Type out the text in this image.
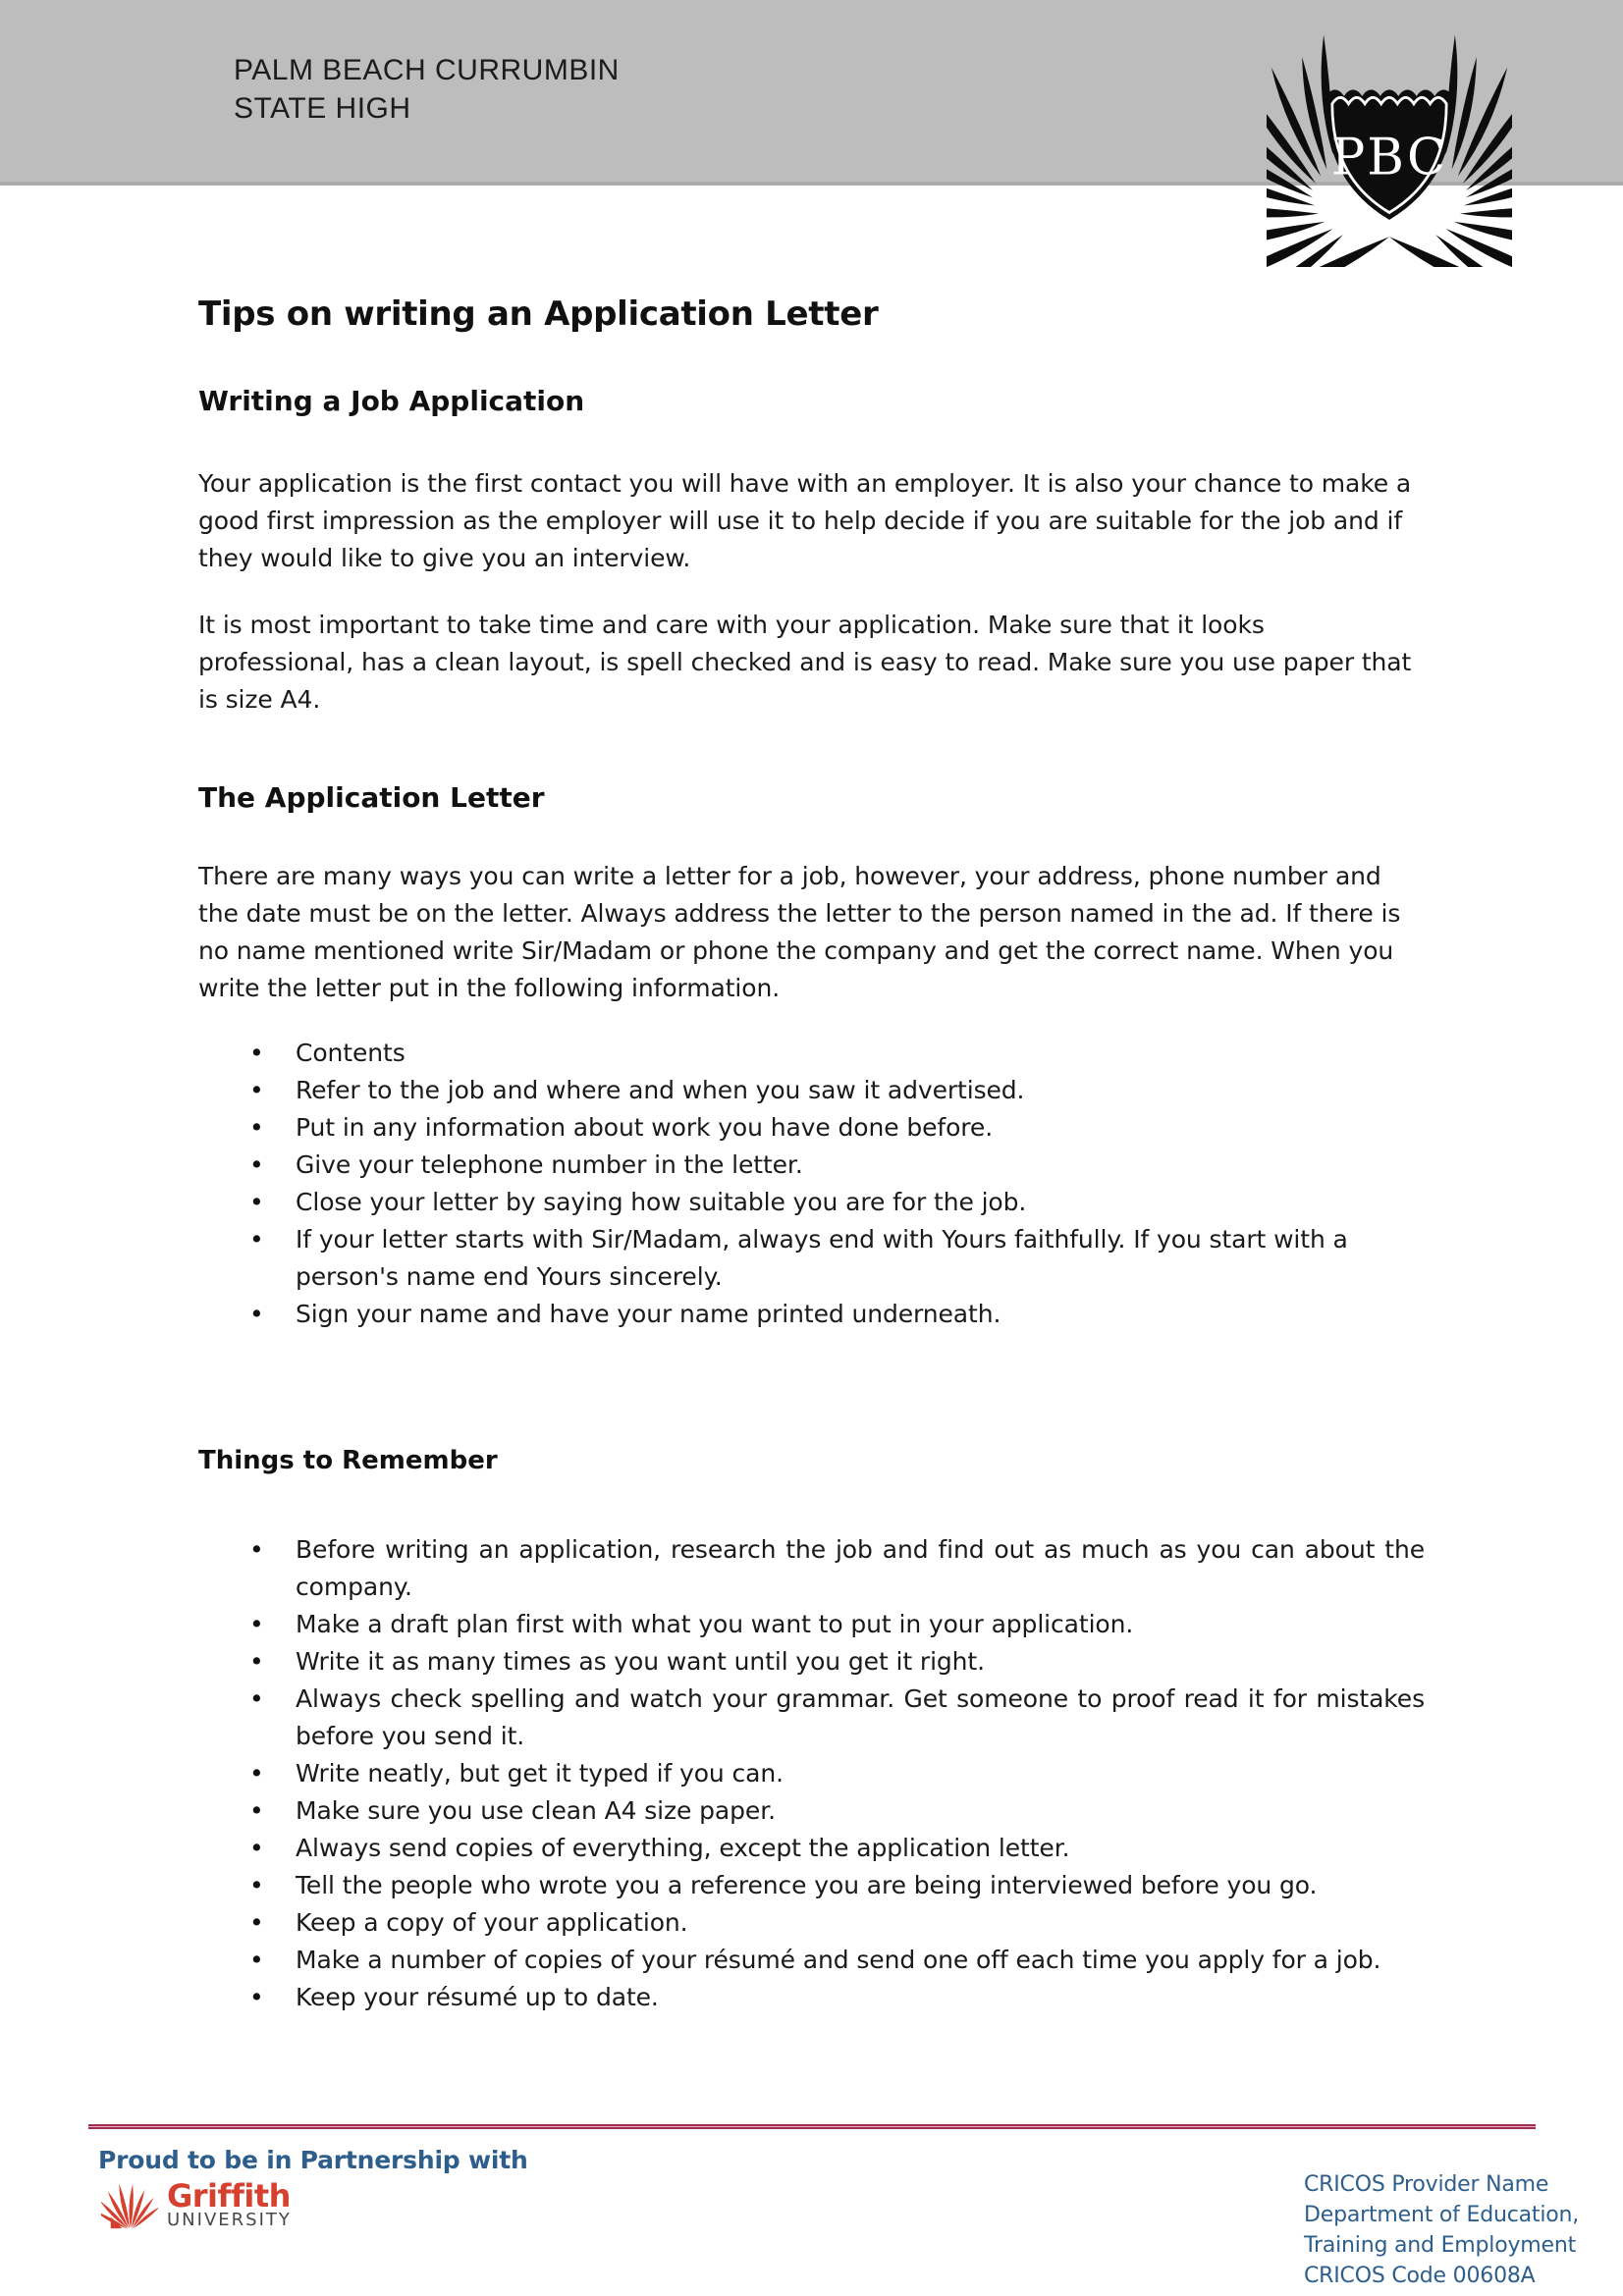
PALM BEACH CURRUMBIN
STATE HIGH
PBC
Tips on writing an Application Letter
Writing a Job Application

Your application is the first contact you will have with an employer. It is also your chance to make a good first impression as the employer will use it to help decide if you are suitable for the job and if they would like to give you an interview.

It is most important to take time and care with your application. Make sure that it looks professional, has a clean layout, is spell checked and is easy to read. Make sure you use paper that is size A4.

The Application Letter

There are many ways you can write a letter for a job, however, your address, phone number and the date must be on the letter. Always address the letter to the person named in the ad. If there is no name mentioned write Sir/Madam or phone the company and get the correct name. When you write the letter put in the following information.

• Contents
• Refer to the job and where and when you saw it advertised.
• Put in any information about work you have done before.
• Give your telephone number in the letter.
• Close your letter by saying how suitable you are for the job.
• If your letter starts with Sir/Madam, always end with Yours faithfully. If you start with a person's name end Yours sincerely.
• Sign your name and have your name printed underneath.
Things to Remember
• Before writing an application, research the job and find out as much as you can about the company.
• Make a draft plan first with what you want to put in your application.
• Write it as many times as you want until you get it right.
• Always check spelling and watch your grammar. Get someone to proof read it for mistakes before you send it.
• Write neatly, but get it typed if you can.
• Make sure you use clean A4 size paper.
• Always send copies of everything, except the application letter.
• Tell the people who wrote you a reference you are being interviewed before you go.
• Keep a copy of your application.
• Make a number of copies of your résumé and send one off each time you apply for a job.
• Keep your résumé up to date.
Proud to be in Partnership with
Griffith
UNIVERSITY
CRICOS Provider Name
Department of Education,
Training and Employment
CRICOS Code 00608A
